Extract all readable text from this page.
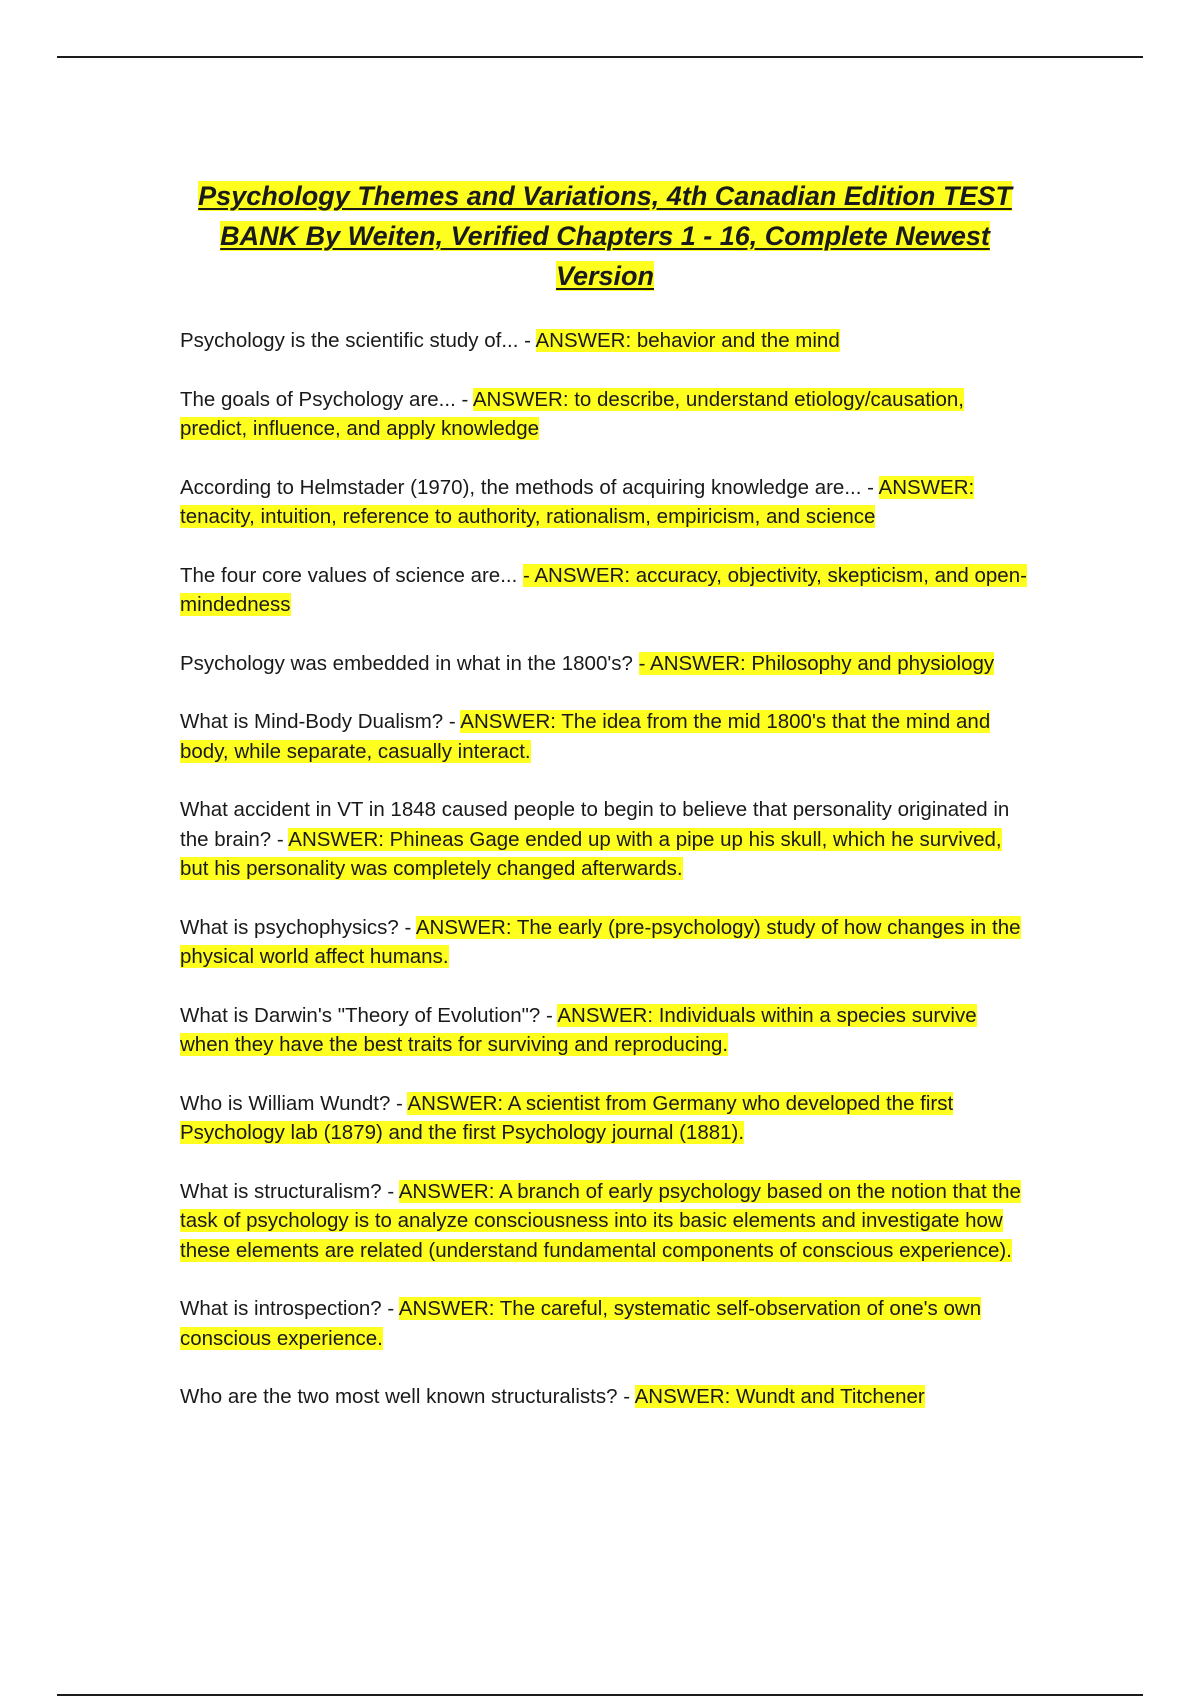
Psychology Themes and Variations, 4th Canadian Edition TEST BANK By Weiten, Verified Chapters 1 - 16, Complete Newest Version

Psychology is the scientific study of... - ANSWER: behavior and the mind

The goals of Psychology are... - ANSWER: to describe, understand etiology/causation, predict, influence, and apply knowledge

According to Helmstader (1970), the methods of acquiring knowledge are... - ANSWER: tenacity, intuition, reference to authority, rationalism, empiricism, and science

The four core values of science are... - ANSWER: accuracy, objectivity, skepticism, and open-mindedness

Psychology was embedded in what in the 1800's? - ANSWER: Philosophy and physiology

What is Mind-Body Dualism? - ANSWER: The idea from the mid 1800's that the mind and body, while separate, casually interact.

What accident in VT in 1848 caused people to begin to believe that personality originated in the brain? - ANSWER: Phineas Gage ended up with a pipe up his skull, which he survived, but his personality was completely changed afterwards.

What is psychophysics? - ANSWER: The early (pre-psychology) study of how changes in the physical world affect humans.

What is Darwin's "Theory of Evolution"? - ANSWER: Individuals within a species survive when they have the best traits for surviving and reproducing.

Who is William Wundt? - ANSWER: A scientist from Germany who developed the first Psychology lab (1879) and the first Psychology journal (1881).

What is structuralism? - ANSWER: A branch of early psychology based on the notion that the task of psychology is to analyze consciousness into its basic elements and investigate how these elements are related (understand fundamental components of conscious experience).

What is introspection? - ANSWER: The careful, systematic self-observation of one's own conscious experience.

Who are the two most well known structuralists? - ANSWER: Wundt and Titchener
